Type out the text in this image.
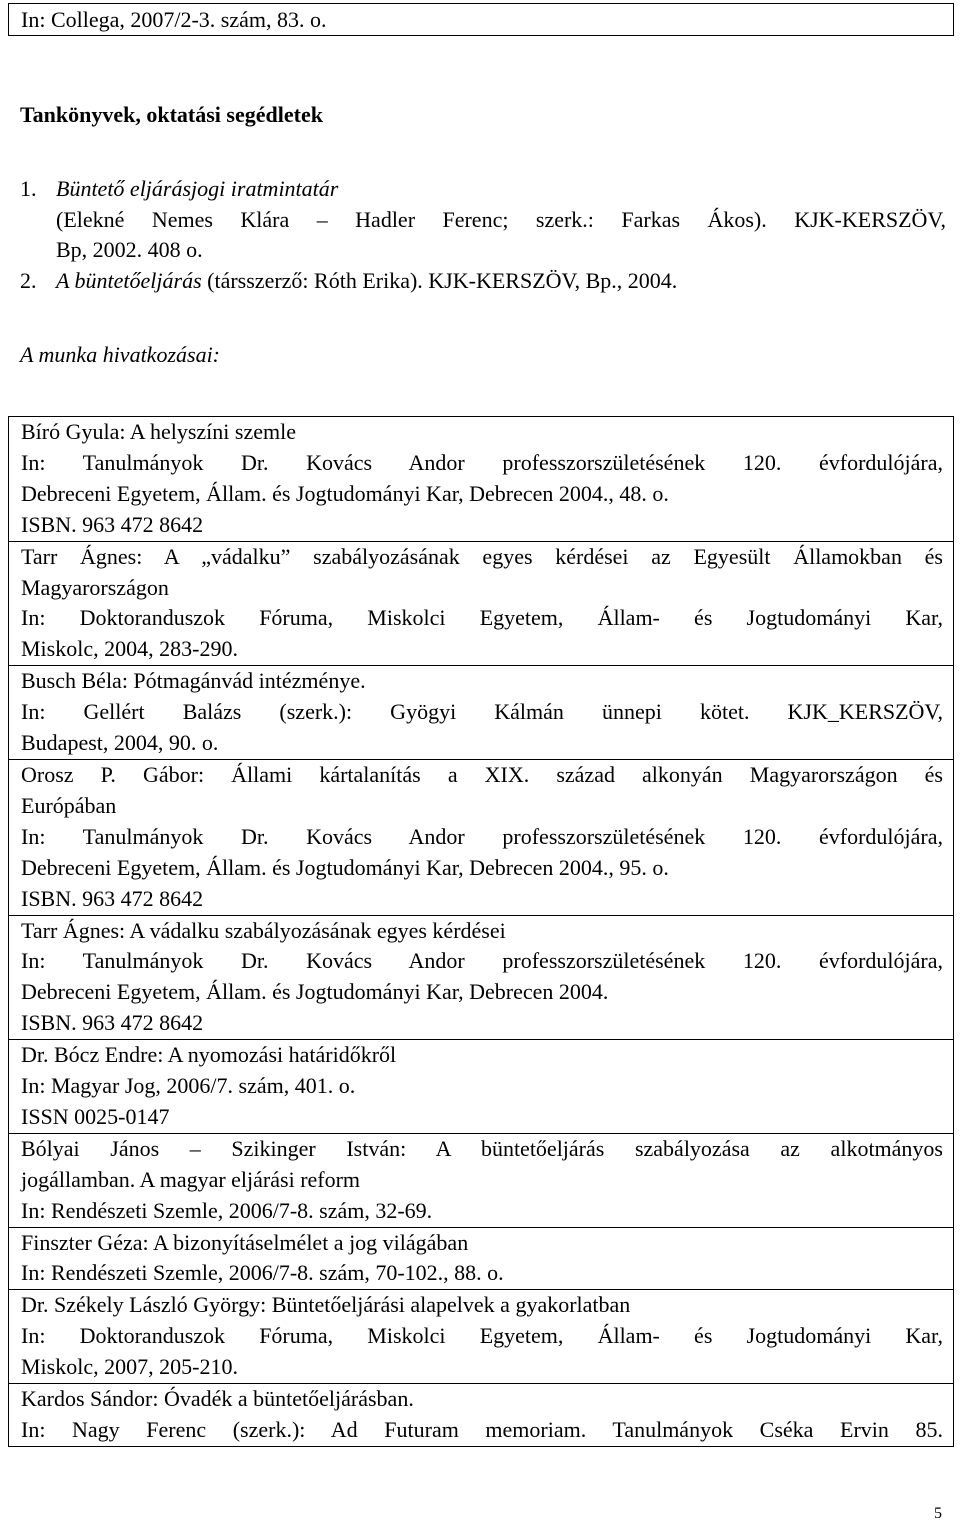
In: Collega, 2007/2-3. szám, 83. o.
Tankönyvek, oktatási segédletek
1. Büntető eljárásjogi iratmintatár
(Elekné Nemes Klára – Hadler Ferenc; szerk.: Farkas Ákos). KJK-KERSZÖV,
Bp, 2002. 408 o.
2. A büntetőeljárás (társszerző: Róth Erika). KJK-KERSZÖV, Bp., 2004.
A munka hivatkozásai:
Bíró Gyula: A helyszíni szemle
In: Tanulmányok Dr. Kovács Andor professzorszületésének 120. évfordulójára,
Debreceni Egyetem, Állam. és Jogtudományi Kar, Debrecen 2004., 48. o.
ISBN. 963 472 8642
Tarr Ágnes: A „vádalku” szabályozásának egyes kérdései az Egyesült Államokban és
Magyarországon
In: Doktoranduszok Fóruma, Miskolci Egyetem, Állam- és Jogtudományi Kar,
Miskolc, 2004, 283-290.
Busch Béla: Pótmagánvád intézménye.
In: Gellért Balázs (szerk.): Gyögyi Kálmán ünnepi kötet. KJK_KERSZÖV,
Budapest, 2004, 90. o.
Orosz P. Gábor: Állami kártalanítás a XIX. század alkonyán Magyarországon és
Európában
In: Tanulmányok Dr. Kovács Andor professzorszületésének 120. évfordulójára,
Debreceni Egyetem, Állam. és Jogtudományi Kar, Debrecen 2004., 95. o.
ISBN. 963 472 8642
Tarr Ágnes: A vádalku szabályozásának egyes kérdései
In: Tanulmányok Dr. Kovács Andor professzorszületésének 120. évfordulójára,
Debreceni Egyetem, Állam. és Jogtudományi Kar, Debrecen 2004.
ISBN. 963 472 8642
Dr. Bócz Endre: A nyomozási határidőkről
In: Magyar Jog, 2006/7. szám, 401. o.
ISSN 0025-0147
Bólyai János – Szikinger István: A büntetőeljárás szabályozása az alkotmányos
jogállamban. A magyar eljárási reform
In: Rendészeti Szemle, 2006/7-8. szám, 32-69.
Finszter Géza: A bizonyításelmélet a jog világában
In: Rendészeti Szemle, 2006/7-8. szám, 70-102., 88. o.
Dr. Székely László György: Büntetőeljárási alapelvek a gyakorlatban
In: Doktoranduszok Fóruma, Miskolci Egyetem, Állam- és Jogtudományi Kar,
Miskolc, 2007, 205-210.
Kardos Sándor: Óvadék a büntetőeljárásban.
In: Nagy Ferenc (szerk.): Ad Futuram memoriam. Tanulmányok Cséka Ervin 85.
5
